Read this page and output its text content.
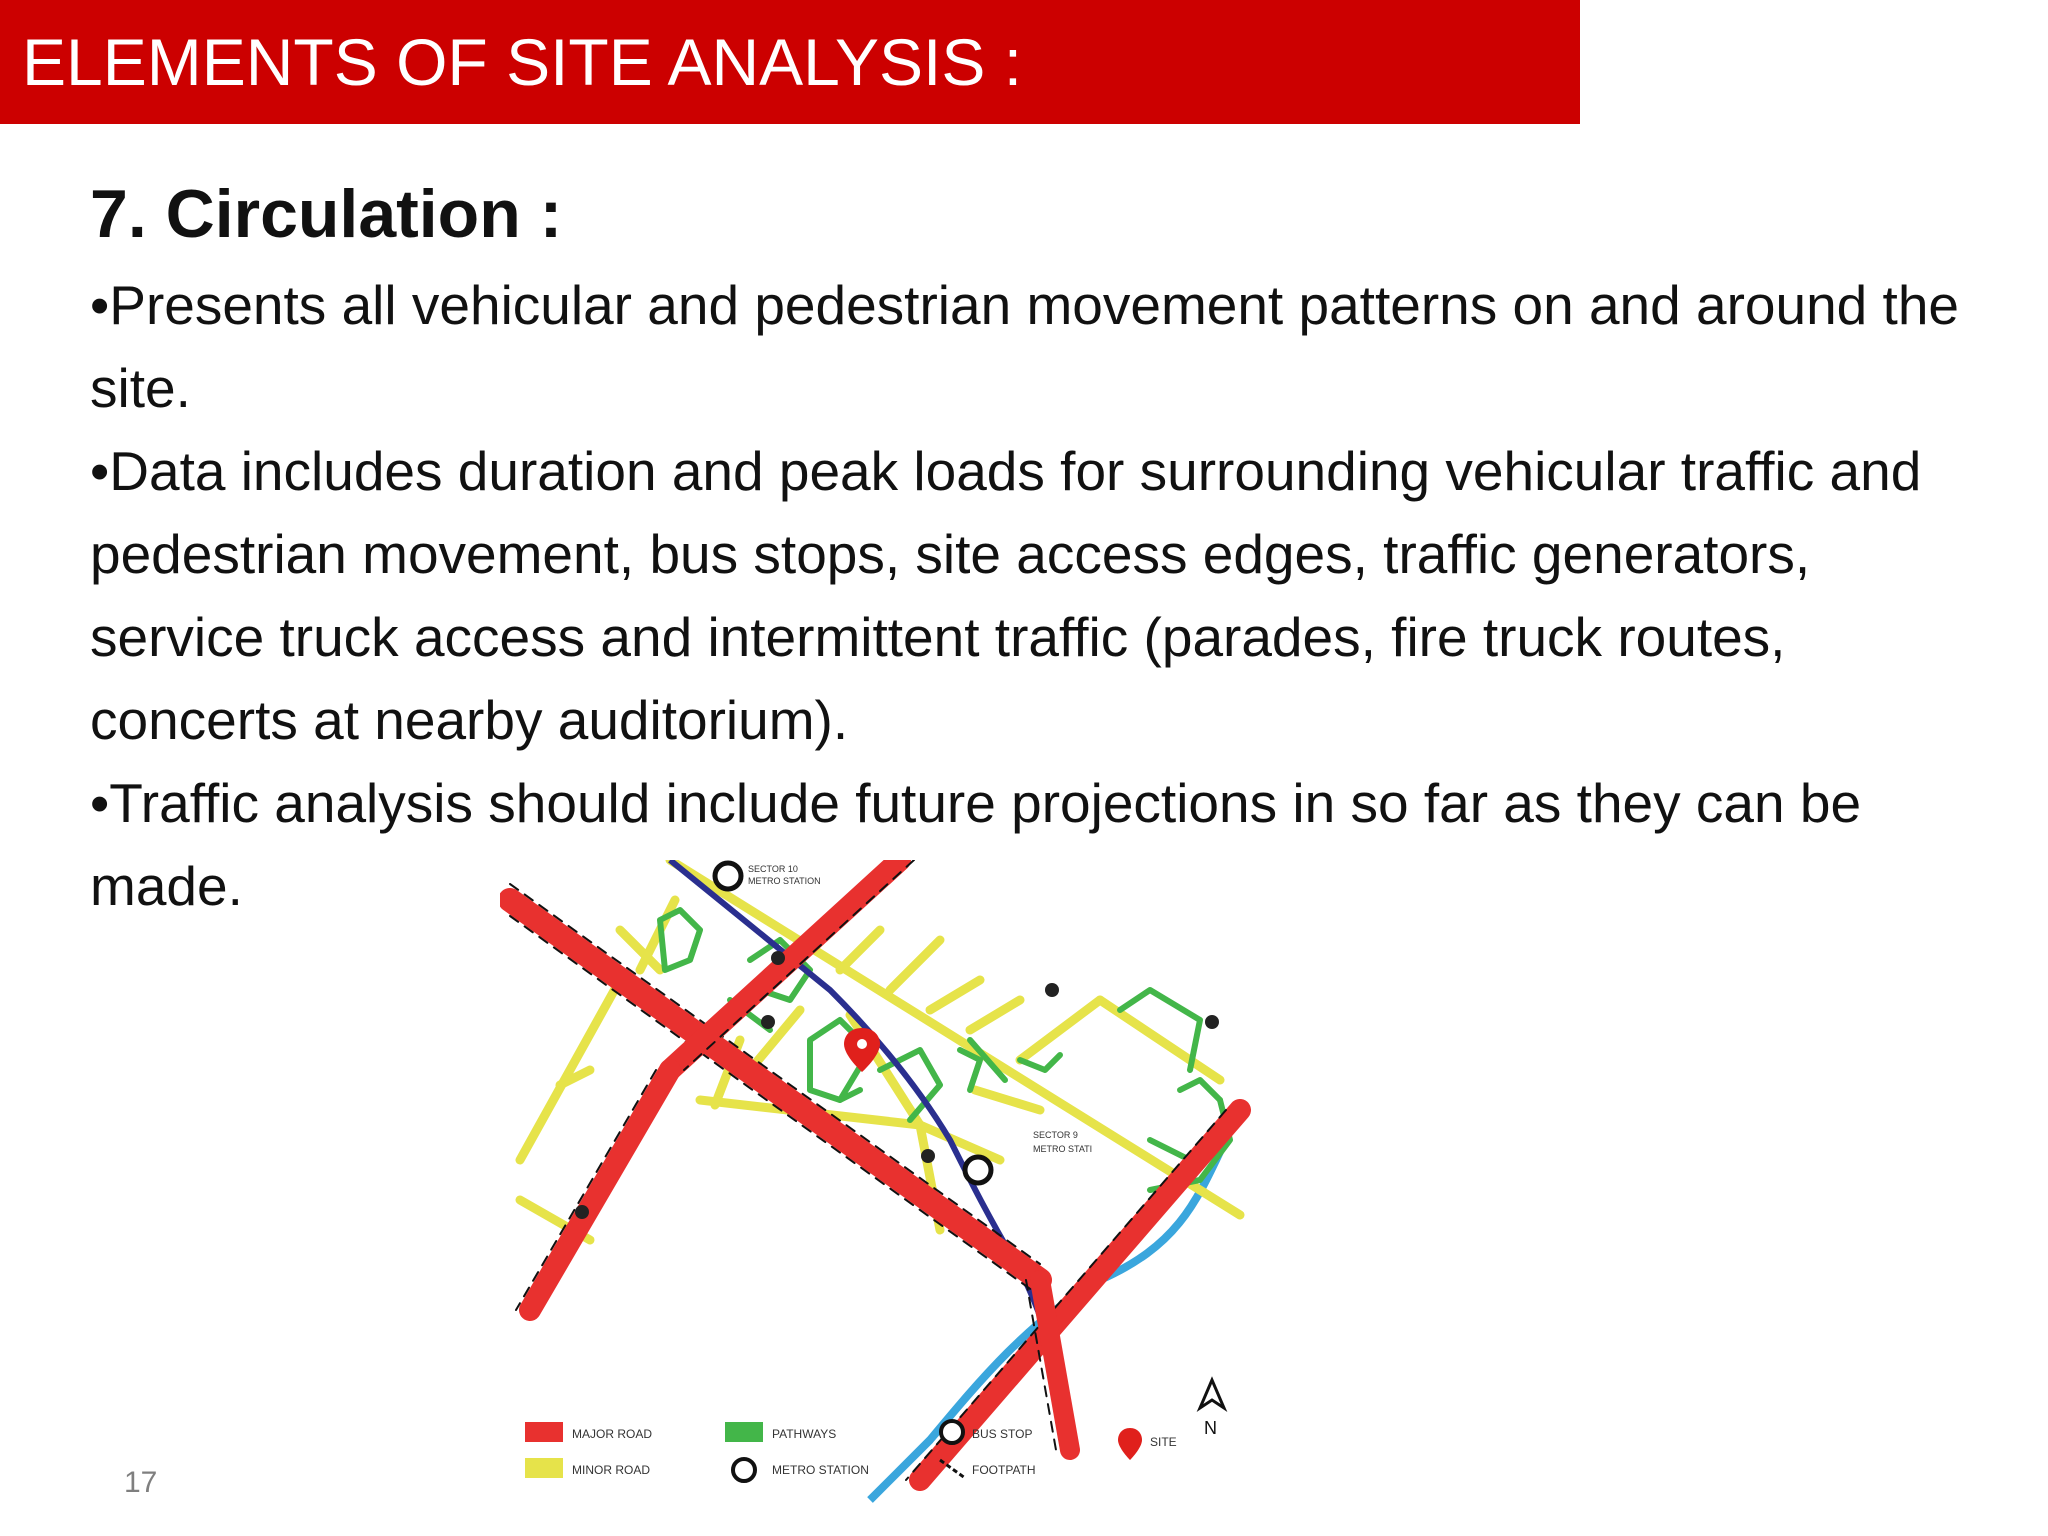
ELEMENTS OF SITE ANALYSIS :
7. Circulation :

•Presents all vehicular and pedestrian movement patterns on and around the site.

•Data includes duration and peak loads for surrounding vehicular traffic and pedestrian movement, bus stops, site access edges, traffic generators, service truck access and intermittent traffic (parades, fire truck routes, concerts at nearby auditorium).

•Traffic analysis should include future projections in so far as they can be made.	SECTOR 10
METRO STATION
SECTOR 9
METRO STATI
N
MAJOR ROAD
MINOR ROAD
PATHWAYS
METRO STATION
BUS STOP
FOOTPATH
SITE
17
